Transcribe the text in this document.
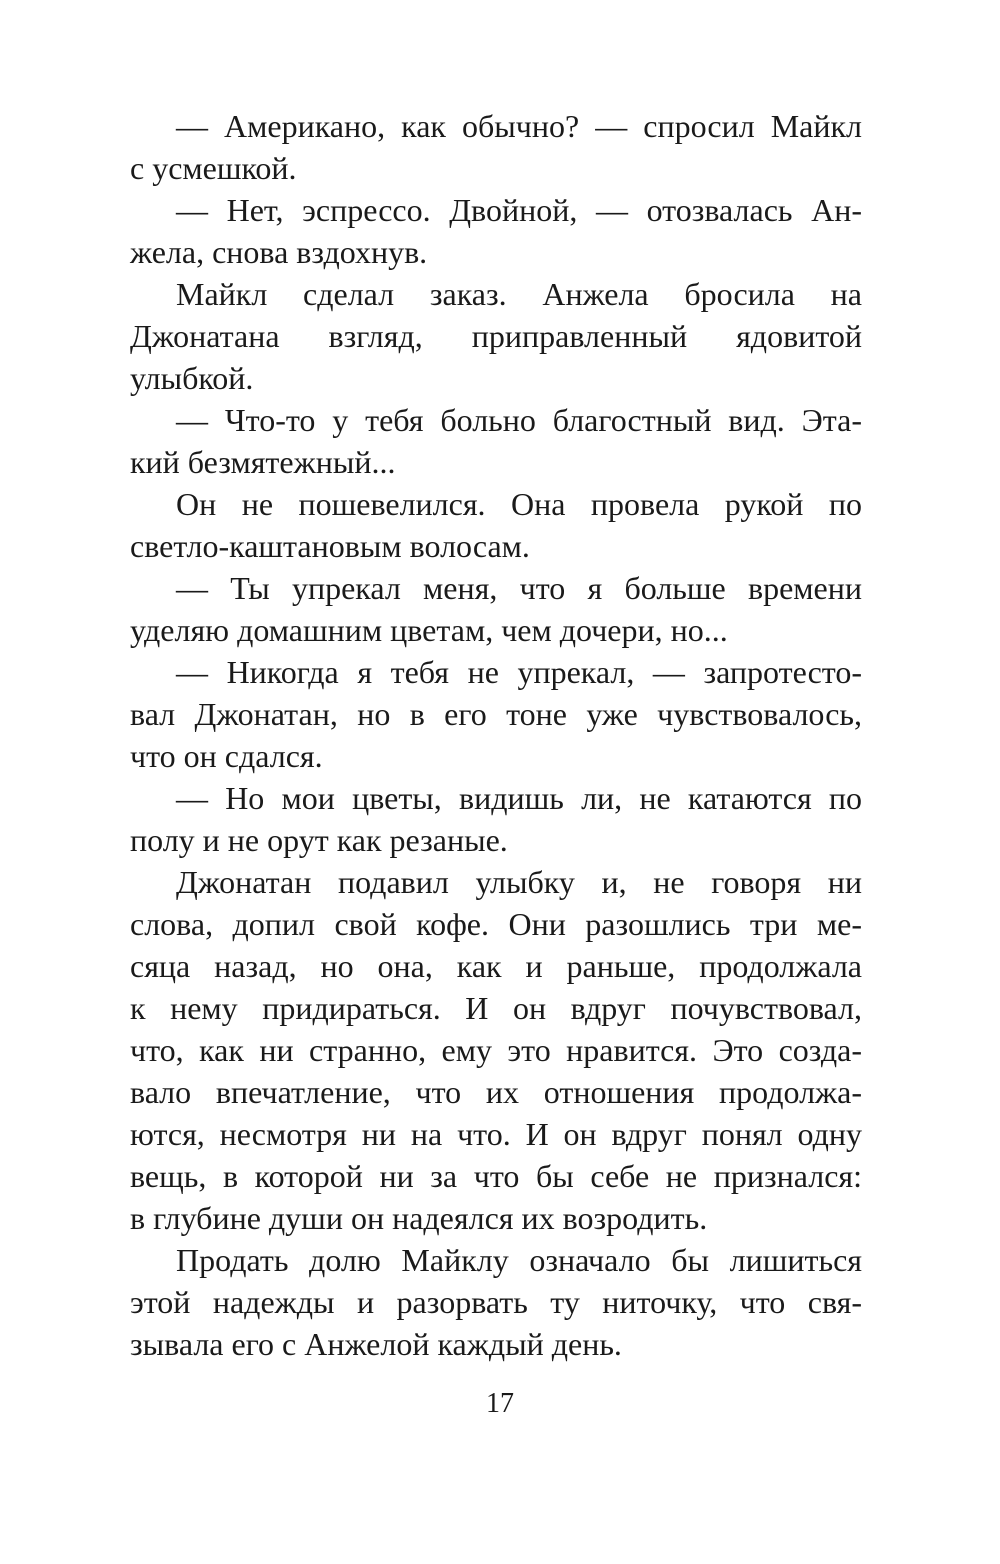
— Американо, как обычно? — спросил Майкл
с усмешкой.
— Нет, эспрессо. Двойной, — отозвалась Ан-
жела, снова вздохнув.
Майкл сделал заказ. Анжела бросила на
Джонатана взгляд, приправленный ядовитой
улыбкой.
— Что-то у тебя больно благостный вид. Эта-
кий безмятежный...
Он не пошевелился. Она провела рукой по
светло-каштановым волосам.
— Ты упрекал меня, что я больше времени
уделяю домашним цветам, чем дочери, но...
— Никогда я тебя не упрекал, — запротесто-
вал Джонатан, но в его тоне уже чувствовалось,
что он сдался.
— Но мои цветы, видишь ли, не катаются по
полу и не орут как резаные.
Джонатан подавил улыбку и, не говоря ни
слова, допил свой кофе. Они разошлись три ме-
сяца назад, но она, как и раньше, продолжала
к нему придираться. И он вдруг почувствовал,
что, как ни странно, ему это нравится. Это созда-
вало впечатление, что их отношения продолжа-
ются, несмотря ни на что. И он вдруг понял одну
вещь, в которой ни за что бы себе не признался:
в глубине души он надеялся их возродить.
Продать долю Майклу означало бы лишиться
этой надежды и разорвать ту ниточку, что свя-
зывала его с Анжелой каждый день.
17
